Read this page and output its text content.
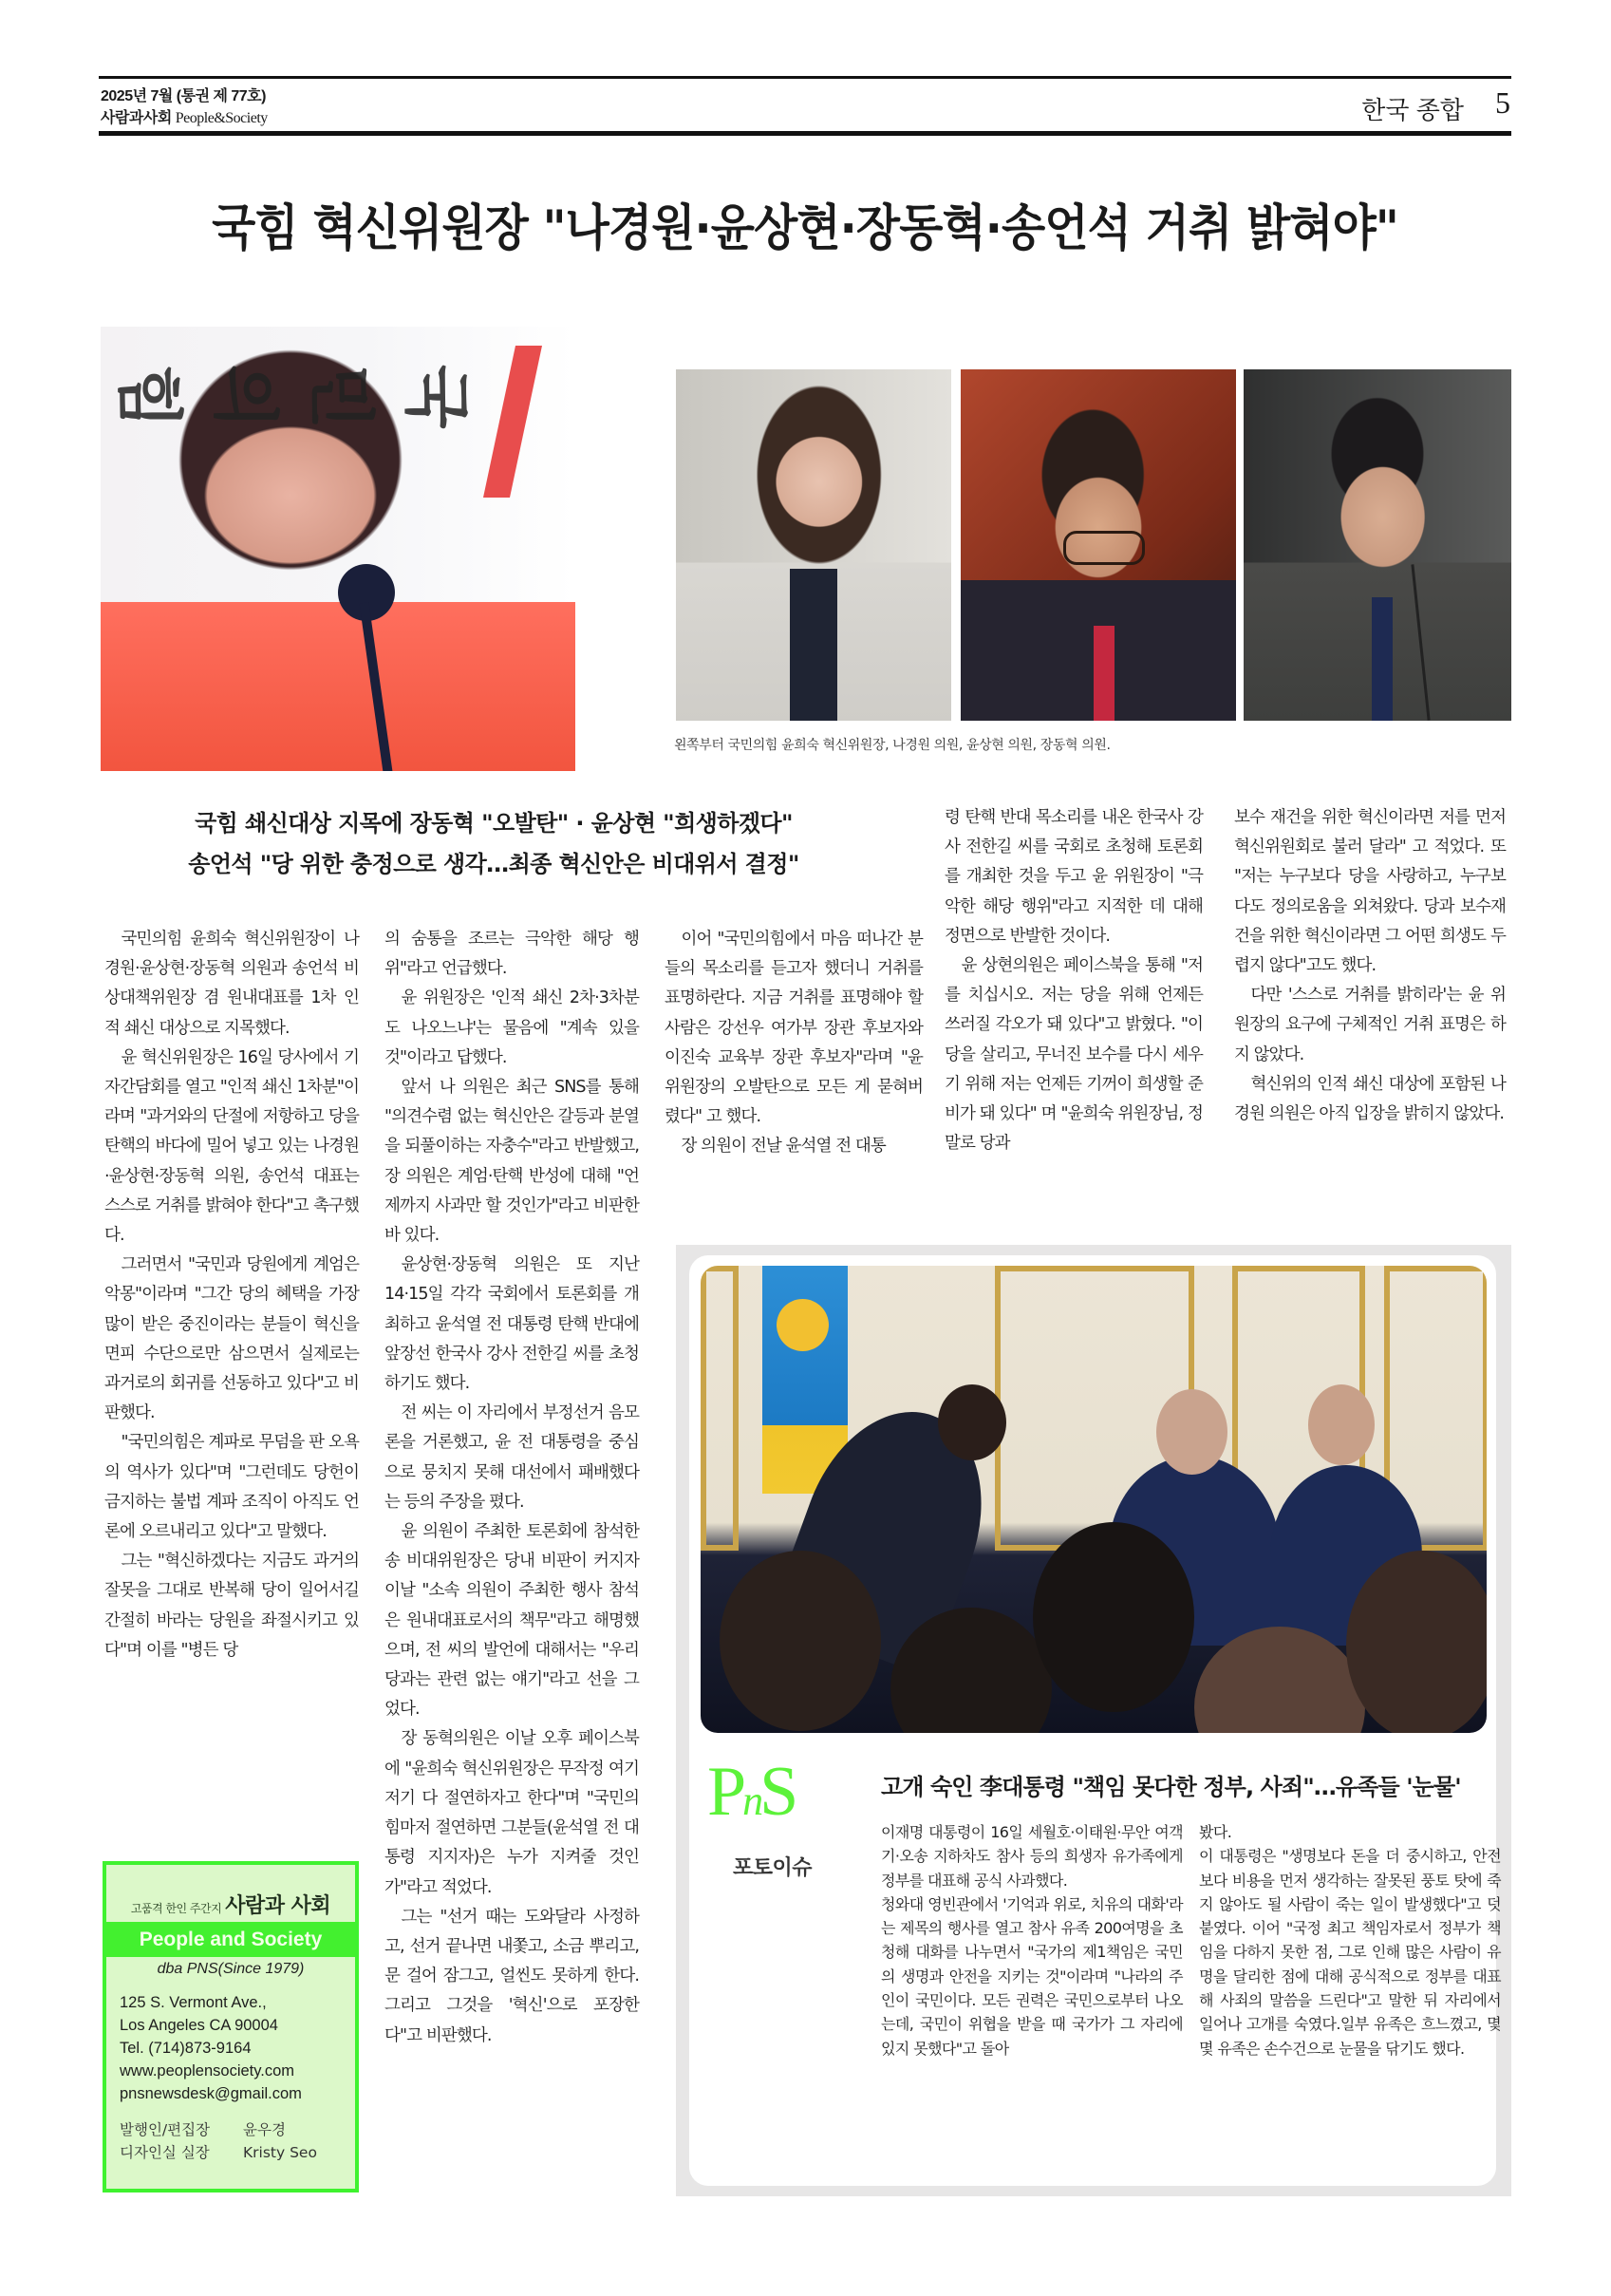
2025년 7월 (통권 제 77호)
사람과사회 People&Society	한국 종합 5
국힘 혁신위원장 "나경원·윤상현·장동혁·송언석 거취 밝혀야"
국민의힘
왼쪽부터 국민의힘 윤희숙 혁신위원장, 나경원 의원, 윤상현 의원, 장동혁 의원.
국힘 쇄신대상 지목에 장동혁 "오발탄" · 윤상현 "희생하겠다"
송언석 "당 위한 충정으로 생각…최종 혁신안은 비대위서 결정"

국민의힘 윤희숙 혁신위원장이 나경원·윤상현·장동혁 의원과 송언석 비상대책위원장 겸 원내대표를 1차 인적 쇄신 대상으로 지목했다.

윤 혁신위원장은 16일 당사에서 기자간담회를 열고 "인적 쇄신 1차분"이라며 "과거와의 단절에 저항하고 당을 탄핵의 바다에 밀어 넣고 있는 나경원·윤상현·장동혁 의원, 송언석 대표는 스스로 거취를 밝혀야 한다"고 촉구했다.

그러면서 "국민과 당원에게 계엄은 악몽"이라며 "그간 당의 혜택을 가장 많이 받은 중진이라는 분들이 혁신을 면피 수단으로만 삼으면서 실제로는 과거로의 회귀를 선동하고 있다"고 비판했다.

"국민의힘은 계파로 무덤을 판 오욕의 역사가 있다"며 "그런데도 당헌이 금지하는 불법 계파 조직이 아직도 언론에 오르내리고 있다"고 말했다.

그는 "혁신하겠다는 지금도 과거의 잘못을 그대로 반복해 당이 일어서길 간절히 바라는 당원을 좌절시키고 있다"며 이를 "병든 당

의 숨통을 조르는 극악한 해당 행위"라고 언급했다.

윤 위원장은 '인적 쇄신 2차·3차분도 나오느냐'는 물음에 "계속 있을 것"이라고 답했다.

앞서 나 의원은 최근 SNS를 통해 "의견수렴 없는 혁신안은 갈등과 분열을 되풀이하는 자충수"라고 반발했고, 장 의원은 계엄·탄핵 반성에 대해 "언제까지 사과만 할 것인가"라고 비판한 바 있다.

윤상현·장동혁 의원은 또 지난 14·15일 각각 국회에서 토론회를 개최하고 윤석열 전 대통령 탄핵 반대에 앞장선 한국사 강사 전한길 씨를 초청하기도 했다.

전 씨는 이 자리에서 부정선거 음모론을 거론했고, 윤 전 대통령을 중심으로 뭉치지 못해 대선에서 패배했다는 등의 주장을 폈다.

윤 의원이 주최한 토론회에 참석한 송 비대위원장은 당내 비판이 커지자 이날 "소속 의원이 주최한 행사 참석은 원내대표로서의 책무"라고 해명했으며, 전 씨의 발언에 대해서는 "우리 당과는 관련 없는 얘기"라고 선을 그었다.

장 동혁의원은 이날 오후 페이스북에 "윤희숙 혁신위원장은 무작정 여기저기 다 절연하자고 한다"며 "국민의힘마저 절연하면 그분들(윤석열 전 대통령 지지자)은 누가 지켜줄 것인가"라고 적었다.

그는 "선거 때는 도와달라 사정하고, 선거 끝나면 내쫓고, 소금 뿌리고, 문 걸어 잠그고, 얼씬도 못하게 한다. 그리고 그것을 '혁신'으로 포장한다"고 비판했다.

이어 "국민의힘에서 마음 떠나간 분들의 목소리를 듣고자 했더니 거취를 표명하란다. 지금 거취를 표명해야 할 사람은 강선우 여가부 장관 후보자와 이진숙 교육부 장관 후보자"라며 "윤 위원장의 오발탄으로 모든 게 묻혀버렸다" 고 했다.

장 의원이 전날 윤석열 전 대통

령 탄핵 반대 목소리를 내온 한국사 강사 전한길 씨를 국회로 초청해 토론회를 개최한 것을 두고 윤 위원장이 "극악한 해당 행위"라고 지적한 데 대해 정면으로 반발한 것이다.

윤 상현의원은 페이스북을 통해 "저를 치십시오. 저는 당을 위해 언제든 쓰러질 각오가 돼 있다"고 밝혔다. "이 당을 살리고, 무너진 보수를 다시 세우기 위해 저는 언제든 기꺼이 희생할 준비가 돼 있다" 며 "윤희숙 위원장님, 정말로 당과

보수 재건을 위한 혁신이라면 저를 먼저 혁신위원회로 불러 달라" 고 적었다. 또 "저는 누구보다 당을 사랑하고, 누구보다도 정의로움을 외쳐왔다. 당과 보수재건을 위한 혁신이라면 그 어떤 희생도 두렵지 않다"고도 했다.

다만 '스스로 거취를 밝히라'는 윤 위원장의 요구에 구체적인 거취 표명은 하지 않았다.

혁신위의 인적 쇄신 대상에 포함된 나경원 의원은 아직 입장을 밝히지 않았다.

고품격 한인 주간지 사람과 사회
People and Society
dba PNS(Since 1979)
125 S. Vermont Ave.,
Los Angeles CA 90004
Tel. (714)873-9164
www.peoplensociety.com
pnsnewsdesk@gmail.com
발행인/편집장 윤우경
디자인실 실장 Kristy Seo
PnS
포토이슈
고개 숙인 李대통령 "책임 못다한 정부, 사죄"…유족들 '눈물'

이재명 대통령이 16일 세월호·이태원·무안 여객기·오송 지하차도 참사 등의 희생자 유가족에게 정부를 대표해 공식 사과했다.

청와대 영빈관에서 '기억과 위로, 치유의 대화'라는 제목의 행사를 열고 참사 유족 200여명을 초청해 대화를 나누면서 "국가의 제1책임은 국민의 생명과 안전을 지키는 것"이라며 "나라의 주인이 국민이다. 모든 권력은 국민으로부터 나오는데, 국민이 위협을 받을 때 국가가 그 자리에 있지 못했다"고 돌아

봤다.

이 대통령은 "생명보다 돈을 더 중시하고, 안전보다 비용을 먼저 생각하는 잘못된 풍토 탓에 죽지 않아도 될 사람이 죽는 일이 발생했다"고 덧붙였다. 이어 "국정 최고 책임자로서 정부가 책임을 다하지 못한 점, 그로 인해 많은 사람이 유명을 달리한 점에 대해 공식적으로 정부를 대표해 사죄의 말씀을 드린다"고 말한 뒤 자리에서 일어나 고개를 숙였다.일부 유족은 흐느꼈고, 몇몇 유족은 손수건으로 눈물을 닦기도 했다.
